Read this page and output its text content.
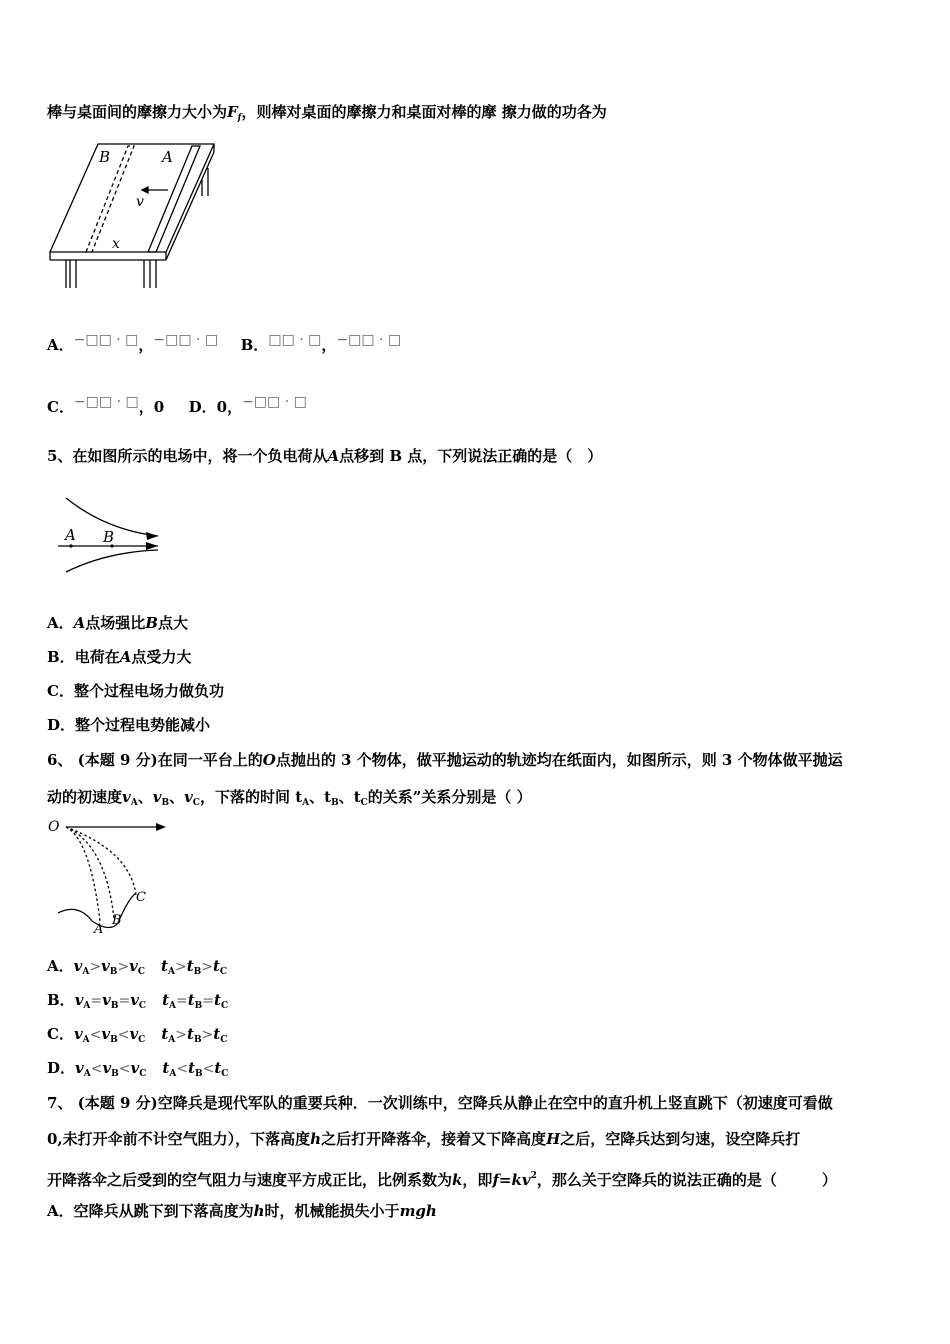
棒与桌面间的摩擦力大小为$F_f$，则棒对桌面的摩擦力和桌面对棒的摩 擦力做的功各为
B	A
v
x
A．−□□ · □，−□□ · □ B．□□ · □，−□□ · □
C．−□□ · □，0 D．0，−□□ · □
5、在如图所示的电场中，将一个负电荷从A点移到 B 点，下列说法正确的是（　）
A B
A．A点场强比B点大
B．电荷在A点受力大
C．整个过程电场力做负功
D．整个过程电势能减小
6、 (本题 9 分)在同一平台上的O点抛出的 3 个物体，做平抛运动的轨迹均在纸面内，如图所示，则 3 个物体做平抛运
动的初速度$v_A$、$v_B$、$v_C$，下落的时间 $t_A$、$t_B$、$t_C$的关系”关系分别是（ ）
O
A
B
C
A．$v_A>v_B>v_C$ $t_A>t_B>t_C$
B．$v_A=v_B=v_C$ $t_A=t_B=t_C$
C．$v_A<v_B<v_C$ $t_A>t_B>t_C$
D．$v_A<v_B<v_C$ $t_A<t_B<t_C$
7、 (本题 9 分)空降兵是现代军队的重要兵种．一次训练中，空降兵从静止在空中的直升机上竖直跳下（初速度可看做
0,未打开伞前不计空气阻力），下落高度h之后打开降落伞，接着又下降高度H之后，空降兵达到匀速，设空降兵打
开降落伞之后受到的空气阻力与速度平方成正比，比例系数为k，即$f=kv^2$，那么关于空降兵的说法正确的是（　　　）
A．空降兵从跳下到下落高度为h时，机械能损失小于mgh
